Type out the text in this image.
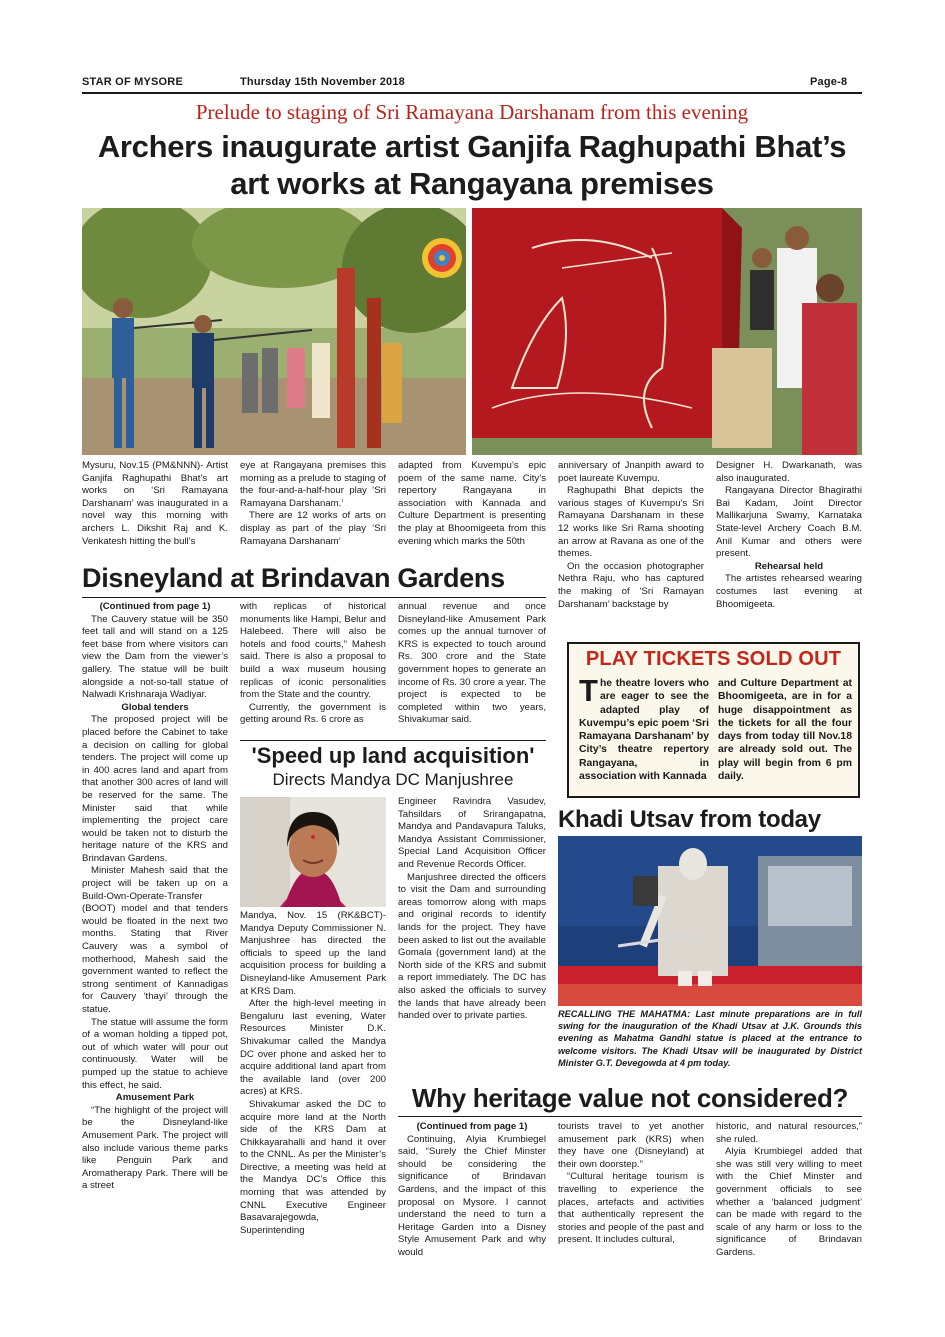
STAR OF MYSORE	Thursday 15th November 2018	Page-8
Prelude to staging of Sri Ramayana Darshanam from this evening
Archers inaugurate artist Ganjifa Raghupathi Bhat’s
art works at Rangayana premises

Mysuru, Nov.15 (PM&NNN)- Artist Ganjifa Raghupathi Bhat’s art works on ‘Sri Ramayana Darshanam’ was inaugurated in a novel way this morning with archers L. Dikshit Raj and K. Venkatesh hitting the bull’s

eye at Rangayana premises this morning as a prelude to staging of the four-and-a-half-hour play ‘Sri Ramayana Darshanam.’

There are 12 works of arts on display as part of the play ‘Sri Ramayana Darshanam’

adapted from Kuvempu’s epic poem of the same name. City’s repertory Rangayana in association with Kannada and Culture Department is presenting the play at Bhoomigeeta from this evening which marks the 50th

anniversary of Jnanpith award to poet laureate Kuvempu.

Raghupathi Bhat depicts the various stages of Kuvempu’s Sri Ramayana Darshanam in these 12 works like Sri Rama shooting an arrow at Ravana as one of the themes.

On the occasion photographer Nethra Raju, who has captured the making of ‘Sri Ramayan Darshanam’ backstage by

Designer H. Dwarkanath, was also inaugurated.

Rangayana Director Bhagirathi Bai Kadam, Joint Director Mallikarjuna Swamy, Karnataka State-level Archery Coach B.M. Anil Kumar and others were present.

Rehearsal held

The artistes rehearsed wearing costumes last evening at Bhoomigeeta.

Disneyland at Brindavan Gardens

(Continued from page 1)

The Cauvery statue will be 350 feet tall and will stand on a 125 feet base from where visitors can view the Dam from the viewer’s gallery. The statue will be built alongside a not-so-tall statue of Nalwadi Krishnaraja Wadiyar.

Global tenders

The proposed project will be placed before the Cabinet to take a decision on calling for global tenders. The project will come up in 400 acres land and apart from that another 300 acres of land will be reserved for the same. The Minister said that while implementing the project care would be taken not to disturb the heritage nature of the KRS and Brindavan Gardens.

Minister Mahesh said that the project will be taken up on a Build-Own-Operate-Transfer (BOOT) model and that tenders would be floated in the next two months. Stating that River Cauvery was a symbol of motherhood, Mahesh said the government wanted to reflect the strong sentiment of Kannadigas for Cauvery ‘thayi’ through the statue.

The statue will assume the form of a woman holding a tipped pot, out of which water will pour out continuously. Water will be pumped up the statue to achieve this effect, he said.

Amusement Park

“The highlight of the project will be the Disneyland-like Amusement Park. The project will also include various theme parks like Penguin Park and Aromatherapy Park. There will be a street

with replicas of historical monuments like Hampi, Belur and Halebeed. There will also be hotels and food courts,” Mahesh said. There is also a proposal to build a wax museum housing replicas of iconic personalities from the State and the country.

Currently, the government is getting around Rs. 6 crore as

annual revenue and once Disneyland-like Amusement Park comes up the annual turnover of KRS is expected to touch around Rs. 300 crore and the State government hopes to generate an income of Rs. 30 crore a year. The project is expected to be completed within two years, Shivakumar said.

'Speed up land acquisition'
Directs Mandya DC Manjushree

Mandya, Nov. 15 (RK&BCT)- Mandya Deputy Commissioner N. Manjushree has directed the officials to speed up the land acquisition process for building a Disneyland-like Amusement Park at KRS Dam.

After the high-level meeting in Bengaluru last evening, Water Resources Minister D.K. Shivakumar called the Mandya DC over phone and asked her to acquire additional land apart from the available land (over 200 acres) at KRS.

Shivakumar asked the DC to acquire more land at the North side of the KRS Dam at Chikkayarahalli and hand it over to the CNNL. As per the Minister’s Directive, a meeting was held at the Mandya DC’s Office this morning that was attended by CNNL Executive Engineer Basavarajegowda, Superintending

Engineer Ravindra Vasudev, Tahsildars of Srirangapatna, Mandya and Pandavapura Taluks, Mandya Assistant Commissioner, Special Land Acquisition Officer and Revenue Records Officer.

Manjushree directed the officers to visit the Dam and surrounding areas tomorrow along with maps and original records to identify lands for the project. They have been asked to list out the available Gomala (government land) at the North side of the KRS and submit a report immediately. The DC has also asked the officials to survey the lands that have already been handed over to private parties.

PLAY TICKETS SOLD OUT
The theatre lovers who are eager to see the adapted play of Kuvempu’s epic poem ‘Sri Ramayana Darshanam’ by City’s theatre repertory Rangayana, in association with Kannada
and Culture Department at Bhoomigeeta, are in for a huge disappointment as the tickets for all the four days from today till Nov.18 are already sold out. The play will begin from 6 pm daily.
Khadi Utsav from today
RECALLING THE MAHATMA: Last minute preparations are in full swing for the inauguration of the Khadi Utsav at J.K. Grounds this evening as Mahatma Gandhi statue is placed at the entrance to welcome visitors. The Khadi Utsav will be inaugurated by District Minister G.T. Devegowda at 4 pm today.
Why heritage value not considered?

(Continued from page 1)

Continuing, Alyia Krumbiegel said, “Surely the Chief Minster should be considering the significance of Brindavan Gardens, and the impact of this proposal on Mysore. I cannot understand the need to turn a Heritage Garden into a Disney Style Amusement Park and why would

tourists travel to yet another amusement park (KRS) when they have one (Disneyland) at their own doorstep.”

“Cultural heritage tourism is travelling to experience the places, artefacts and activities that authentically represent the stories and people of the past and present. It includes cultural,

historic, and natural resources,” she ruled.

Alyia Krumbiegel added that she was still very willing to meet with the Chief Minster and government officials to see whether a ‘balanced judgment’ can be made with regard to the scale of any harm or loss to the significance of Brindavan Gardens.
